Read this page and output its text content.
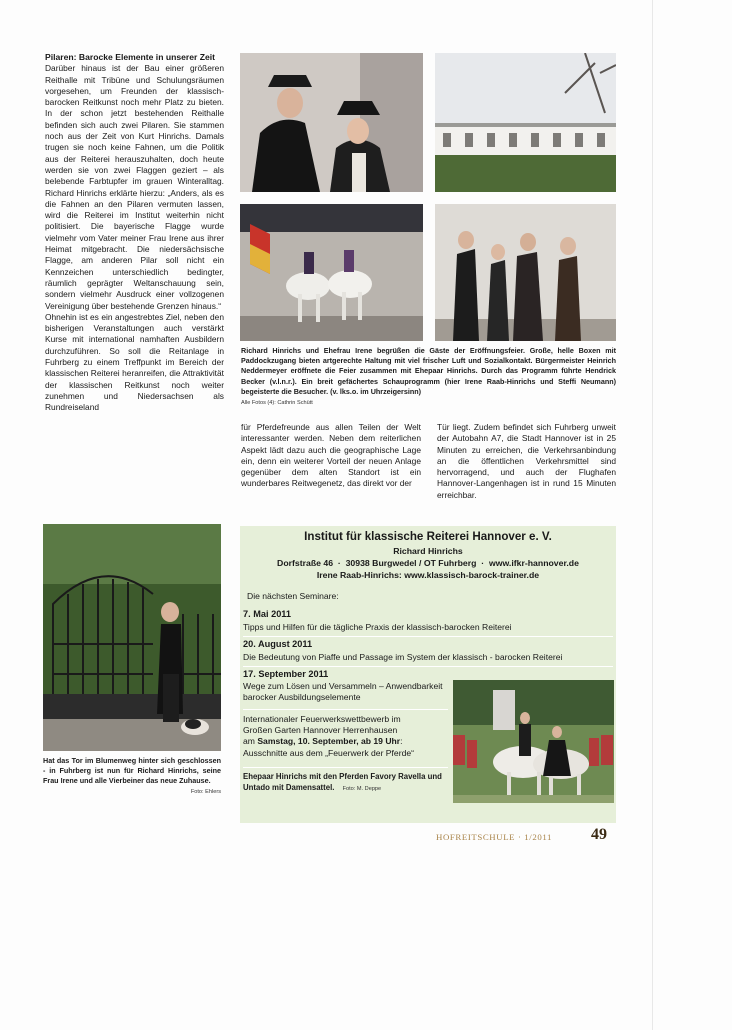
Pilaren: Barocke Elemente in unserer Zeit

Darüber hinaus ist der Bau einer größeren Reithalle mit Tribüne und Schulungsräumen vorgesehen, um Freunden der klassisch-barocken Reitkunst noch mehr Platz zu bieten. In der schon jetzt bestehenden Reithalle befinden sich auch zwei Pilaren. Sie stammen noch aus der Zeit von Kurt Hinrichs. Damals trugen sie noch keine Fahnen, um die Politik aus der Reiterei herauszuhalten, doch heute werden sie von zwei Flaggen geziert – als belebende Farbtupfer im grauen Winteralltag. Richard Hinrichs erklärte hierzu: „Anders, als es die Fahnen an den Pilaren vermuten lassen, wird die Reiterei im Institut weiterhin nicht politisiert. Die bayerische Flagge wurde vielmehr vom Vater meiner Frau Irene aus ihrer Heimat mitgebracht. Die niedersächsische Flagge, am anderen Pilar soll nicht ein Kennzeichen unterschiedlich bedingter, räumlich geprägter Weltanschauung sein, sondern vielmehr Ausdruck einer vollzogenen Vereinigung über bestehende Grenzen hinaus.“

Ohnehin ist es ein angestrebtes Ziel, neben den bisherigen Veranstaltungen auch verstärkt Kurse mit international namhaften Ausbildern durchzuführen. So soll die Reitanlage in Fuhrberg zu einem Treffpunkt im Bereich der klassischen Reiterei heranreifen, die Attraktivität der klassischen Reitkunst noch weiter zunehmen und Niedersachsen als Rundreiseland

Richard Hinrichs und Ehefrau Irene begrüßen die Gäste der Eröffnungsfeier. Große, helle Boxen mit Paddockzugang bieten artgerechte Haltung mit viel frischer Luft und Sozialkontakt. Bürgermeister Heinrich Neddermeyer eröffnete die Feier zusammen mit Ehepaar Hinrichs. Durch das Programm führte Hendrick Becker (v.l.n.r.). Ein breit gefächertes Schauprogramm (hier Irene Raab-Hinrichs und Steffi Neumann) begeisterte die Besucher. (v. lks.o. im Uhrzeigersinn)
Alle Fotos (4): Cathrin Schütt

für Pferdefreunde aus allen Teilen der Welt interessanter werden. Neben dem reiterlichen Aspekt lädt dazu auch die geographische Lage ein, denn ein weiterer Vorteil der neuen Anlage gegenüber dem alten Standort ist ein wunderbares Reitwegenetz, das direkt vor der

Tür liegt. Zudem befindet sich Fuhrberg unweit der Autobahn A7, die Stadt Hannover ist in 25 Minuten zu erreichen, die Verkehrsanbindung an die öffentlichen Verkehrsmittel sind hervorragend, und auch der Flughafen Hannover-Langenhagen ist in rund 15 Minuten erreichbar.

Hat das Tor im Blumenweg hinter sich geschlossen - in Fuhrberg ist nun für Richard Hinrichs, seine Frau Irene und alle Vierbeiner das neue Zuhause.
Foto: Ehlers
Institut für klassische Reiterei Hannover e. V.
Richard Hinrichs
Dorfstraße 46  ·  30938 Burgwedel / OT Fuhrberg  ·  www.ifkr-hannover.de
Irene Raab-Hinrichs: www.klassisch-barock-trainer.de
Die nächsten Seminare:
7. Mai 2011
Tipps und Hilfen für die tägliche Praxis der klassisch-barocken Reiterei
20. August 2011
Die Bedeutung von Piaffe und Passage im System der klassisch - barocken Reiterei
17. September 2011
Wege zum Lösen und Versammeln – Anwendbarkeit barocker Ausbildungselemente
Internationaler Feuerwerkswettbewerb im
Großen Garten Hannover Herrenhausen
am Samstag, 10. September, ab 19 Uhr:
Ausschnitte aus dem „Feuerwerk der Pferde“
Ehepaar Hinrichs mit den Pferden Favory Ravella und Untado mit Damensattel. Foto: M. Deppe
HOFREITSCHULE · 1/2011 49
